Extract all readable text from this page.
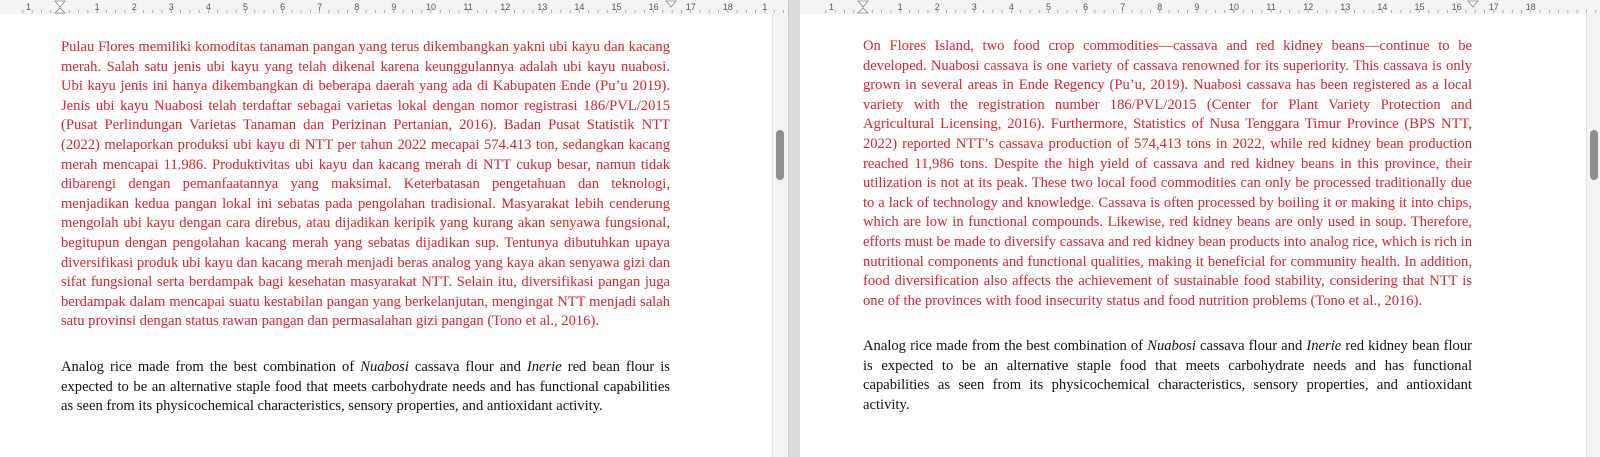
1	1	2	3	4	5	6	7	8	9	10	11	12	13	14	15	16	17	18	1
Pulau Flores memiliki komoditas tanaman pangan yang terus dikembangkan yakni ubi kayu dan kacang merah. Salah satu jenis ubi kayu yang telah dikenal karena keunggulannya adalah ubi kayu nuabosi. Ubi kayu jenis ini hanya dikembangkan di beberapa daerah yang ada di Kabupaten Ende (Pu’u 2019). Jenis ubi kayu Nuabosi telah terdaftar sebagai varietas lokal dengan nomor registrasi 186/PVL/2015 (Pusat Perlindungan Varietas Tanaman dan Perizinan Pertanian, 2016). Badan Pusat Statistik NTT (2022) melaporkan produksi ubi kayu di NTT per tahun 2022 mecapai 574.413 ton, sedangkan kacang merah mencapai 11.986. Produktivitas ubi kayu dan kacang merah di NTT cukup besar, namun tidak dibarengi dengan pemanfaatannya yang maksimal. Keterbatasan pengetahuan dan teknologi, menjadikan kedua pangan lokal ini sebatas pada pengolahan tradisional. Masyarakat lebih cenderung mengolah ubi kayu dengan cara direbus, atau dijadikan keripik yang kurang akan senyawa fungsional, begitupun dengan pengolahan kacang merah yang sebatas dijadikan sup. Tentunya dibutuhkan upaya diversifikasi produk ubi kayu dan kacang merah menjadi beras analog yang kaya akan senyawa gizi dan sifat fungsional serta berdampak bagi kesehatan masyarakat NTT. Selain itu, diversifikasi pangan juga berdampak dalam mencapai suatu kestabilan pangan yang berkelanjutan, mengingat NTT menjadi salah satu provinsi dengan status rawan pangan dan permasalahan gizi pangan (Tono et al., 2016).
Analog rice made from the best combination of Nuabosi cassava flour and Inerie red bean flour is expected to be an alternative staple food that meets carbohydrate needs and has functional capabilities as seen from its physicochemical characteristics, sensory properties, and antioxidant activity.
1	1	2	3	4	5	6	7	8	9	10	11	12	13	14	15	16	17	18
On Flores Island, two food crop commodities—cassava and red kidney beans—continue to be developed. Nuabosi cassava is one variety of cassava renowned for its superiority. This cassava is only grown in several areas in Ende Regency (Pu’u, 2019). Nuabosi cassava has been registered as a local variety with the registration number 186/PVL/2015 (Center for Plant Variety Protection and Agricultural Licensing, 2016). Furthermore, Statistics of Nusa Tenggara Timur Province (BPS NTT, 2022) reported NTT’s cassava production of 574,413 tons in 2022, while red kidney bean production reached 11,986 tons. Despite the high yield of cassava and red kidney beans in this province, their utilization is not at its peak. These two local food commodities can only be processed traditionally due to a lack of technology and knowledge. Cassava is often processed by boiling it or making it into chips, which are low in functional compounds. Likewise, red kidney beans are only used in soup. Therefore, efforts must be made to diversify cassava and red kidney bean products into analog rice, which is rich in nutritional components and functional qualities, making it beneficial for community health. In addition, food diversification also affects the achievement of sustainable food stability, considering that NTT is one of the provinces with food insecurity status and food nutrition problems (Tono et al., 2016).
Analog rice made from the best combination of Nuabosi cassava flour and Inerie red kidney bean flour is expected to be an alternative staple food that meets carbohydrate needs and has functional capabilities as seen from its physicochemical characteristics, sensory properties, and antioxidant activity.
